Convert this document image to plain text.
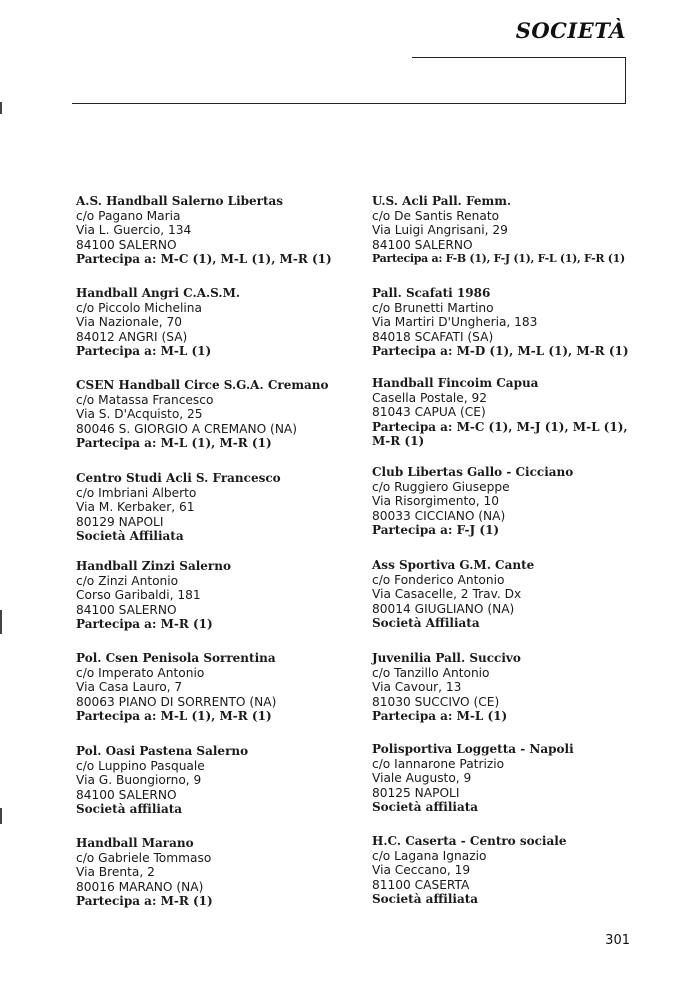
SOCIETÀ
A.S. Handball Salerno Libertas
c/o Pagano Maria
Via L. Guercio, 134
84100 SALERNO
Partecipa a: M-C (1), M-L (1), M-R (1)
Handball Angri C.A.S.M.
c/o Piccolo Michelina
Via Nazionale, 70
84012 ANGRI (SA)
Partecipa a: M-L (1)
CSEN Handball Circe S.G.A. Cremano
c/o Matassa Francesco
Via S. D'Acquisto, 25
80046 S. GIORGIO A CREMANO (NA)
Partecipa a: M-L (1), M-R (1)
Centro Studi Acli S. Francesco
c/o Imbriani Alberto
Via M. Kerbaker, 61
80129 NAPOLI
Società Affiliata
Handball Zinzi Salerno
c/o Zinzi Antonio
Corso Garibaldi, 181
84100 SALERNO
Partecipa a: M-R (1)
Pol. Csen Penisola Sorrentina
c/o Imperato Antonio
Via Casa Lauro, 7
80063 PIANO DI SORRENTO (NA)
Partecipa a: M-L (1), M-R (1)
Pol. Oasi Pastena Salerno
c/o Luppino Pasquale
Via G. Buongiorno, 9
84100 SALERNO
Società affiliata
Handball Marano
c/o Gabriele Tommaso
Via Brenta, 2
80016 MARANO (NA)
Partecipa a: M-R (1)
U.S. Acli Pall. Femm.
c/o De Santis Renato
Via Luigi Angrisani, 29
84100 SALERNO
Partecipa a: F-B (1), F-J (1), F-L (1), F-R (1)
Pall. Scafati 1986
c/o Brunetti Martino
Via Martiri D'Ungheria, 183
84018 SCAFATI (SA)
Partecipa a: M-D (1), M-L (1), M-R (1)
Handball Fincoim Capua
Casella Postale, 92
81043 CAPUA (CE)
Partecipa a: M-C (1), M-J (1), M-L (1), M-R (1)
Club Libertas Gallo - Cicciano
c/o Ruggiero Giuseppe
Via Risorgimento, 10
80033 CICCIANO (NA)
Partecipa a: F-J (1)
Ass Sportiva G.M. Cante
c/o Fonderico Antonio
Via Casacelle, 2 Trav. Dx
80014 GIUGLIANO (NA)
Società Affiliata
Juvenilia Pall. Succivo
c/o Tanzillo Antonio
Via Cavour, 13
81030 SUCCIVO (CE)
Partecipa a: M-L (1)
Polisportiva Loggetta - Napoli
c/o Iannarone Patrizio
Viale Augusto, 9
80125 NAPOLI
Società affiliata
H.C. Caserta - Centro sociale
c/o Lagana Ignazio
Via Ceccano, 19
81100 CASERTA
Società affiliata
301
